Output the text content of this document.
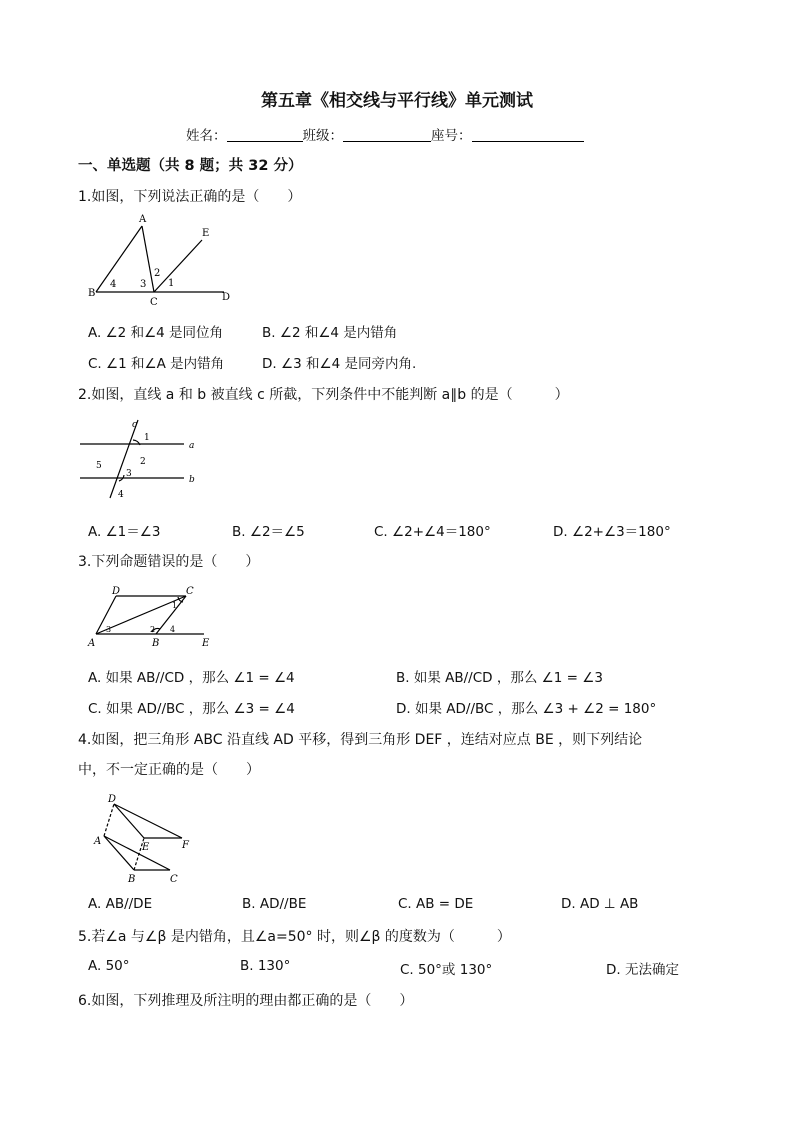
第五章《相交线与平行线》单元测试
姓名：	班级：	座号：
一、单选题（共 8 题；共 32 分）
1.如图，下列说法正确的是（　　）
A
B
C	D
E
1
2
3
4
A. ∠2 和∠4 是同位角	B. ∠2 和∠4 是内错角
C. ∠1 和∠A 是内错角	D. ∠3 和∠4 是同旁内角.
2.如图，直线 a 和 b 被直线 c 所截，下列条件中不能判断 a∥b 的是（　　　）
a
b
c
1
2
3
4
5
A. ∠1＝∠3	B. ∠2＝∠5	C. ∠2+∠4＝180°	D. ∠2+∠3＝180°
3.下列命题错误的是（　　）
A	B
C
D
E
1
2
3	4
A. 如果 AB//CD ，那么 ∠1 = ∠4	B. 如果 AB//CD ，那么 ∠1 = ∠3
C. 如果 AD//BC ，那么 ∠3 = ∠4	D. 如果 AD//BC ，那么 ∠3 + ∠2 = 180°
4.如图，把三角形 ABC 沿直线 AD 平移，得到三角形 DEF ，连结对应点 BE ，则下列结论
中，不一定正确的是（　　）
A
B	C
D
E	F
A. AB//DE	B. AD//BE	C. AB = DE	D. AD ⊥ AB
5.若∠a 与∠β 是内错角，且∠a=50° 时，则∠β 的度数为（　　　）
A. 50°	B. 130°	C. 50°或 130°	D. 无法确定
6.如图，下列推理及所注明的理由都正确的是（　　）
